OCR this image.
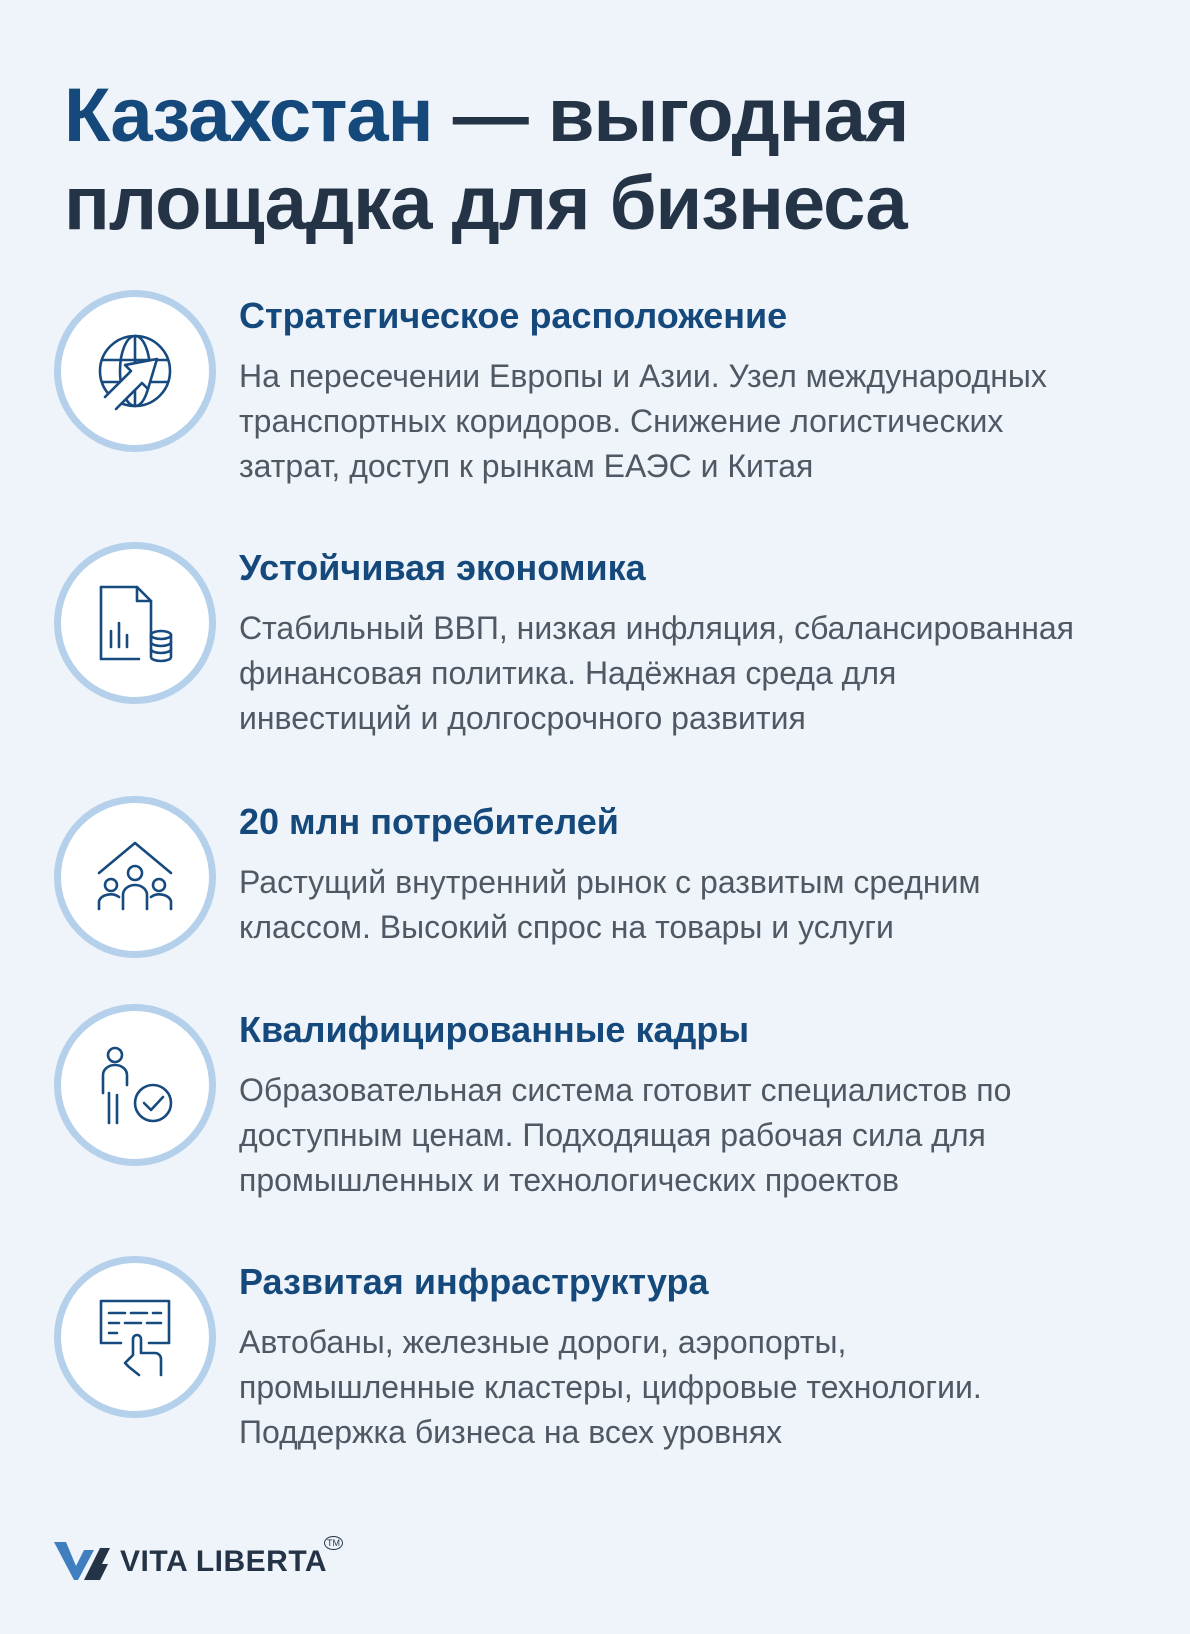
Казахстан — выгодная
площадка для бизнеса
Стратегическое расположение

На пересечении Европы и Азии. Узел международных
транспортных коридоров. Снижение логистических
затрат, доступ к рынкам ЕАЭС и Китая

Устойчивая экономика

Стабильный ВВП, низкая инфляция, сбалансированная
финансовая политика. Надёжная среда для
инвестиций и долгосрочного развития

20 млн потребителей

Растущий внутренний рынок с развитым средним
классом. Высокий спрос на товары и услуги

Квалифицированные кадры

Образовательная система готовит специалистов по
доступным ценам. Подходящая рабочая сила для
промышленных и технологических проектов

Развитая инфраструктура

Автобаны, железные дороги, аэропорты,
промышленные кластеры, цифровые технологии.
Поддержка бизнеса на всех уровнях

VITA LIBERTA
TM
